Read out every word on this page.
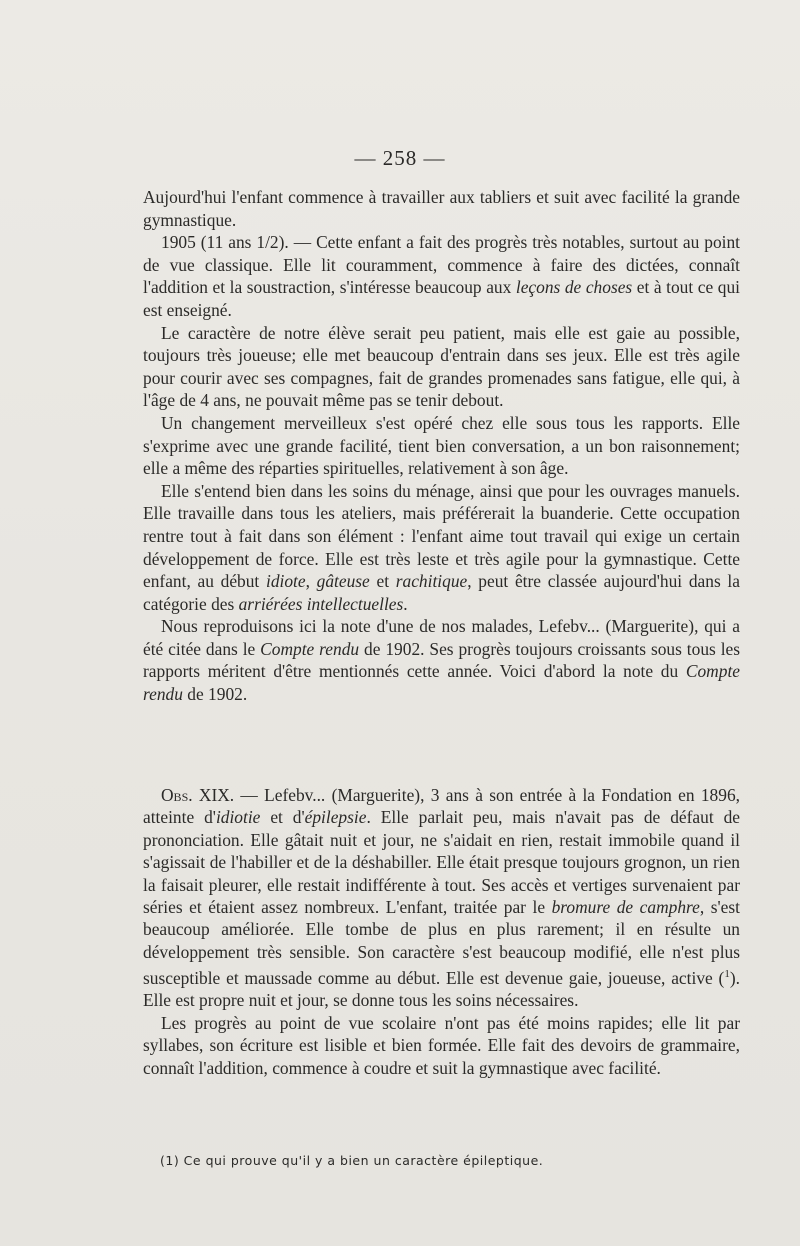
— 258 —

Aujourd'hui l'enfant commence à travailler aux tabliers et suit avec facilité la grande gymnastique.

1905 (11 ans 1/2). — Cette enfant a fait des progrès très notables, surtout au point de vue classique. Elle lit couramment, commence à faire des dictées, connaît l'addition et la soustraction, s'intéresse beaucoup aux leçons de choses et à tout ce qui est enseigné.

Le caractère de notre élève serait peu patient, mais elle est gaie au possible, toujours très joueuse; elle met beaucoup d'entrain dans ses jeux. Elle est très agile pour courir avec ses compagnes, fait de grandes promenades sans fatigue, elle qui, à l'âge de 4 ans, ne pouvait même pas se tenir debout.

Un changement merveilleux s'est opéré chez elle sous tous les rapports. Elle s'exprime avec une grande facilité, tient bien conversation, a un bon raisonnement; elle a même des réparties spirituelles, relativement à son âge.

Elle s'entend bien dans les soins du ménage, ainsi que pour les ouvrages manuels. Elle travaille dans tous les ateliers, mais préférerait la buanderie. Cette occupation rentre tout à fait dans son élément : l'enfant aime tout travail qui exige un certain développement de force. Elle est très leste et très agile pour la gymnastique. Cette enfant, au début idiote, gâteuse et rachitique, peut être classée aujourd'hui dans la catégorie des arriérées intellectuelles.

Nous reproduisons ici la note d'une de nos malades, Lefebv... (Marguerite), qui a été citée dans le Compte rendu de 1902. Ses progrès toujours croissants sous tous les rapports méritent d'être mentionnés cette année. Voici d'abord la note du Compte rendu de 1902.

Obs. XIX. — Lefebv... (Marguerite), 3 ans à son entrée à la Fondation en 1896, atteinte d'idiotie et d'épilepsie. Elle parlait peu, mais n'avait pas de défaut de prononciation. Elle gâtait nuit et jour, ne s'aidait en rien, restait immobile quand il s'agissait de l'habiller et de la déshabiller. Elle était presque toujours grognon, un rien la faisait pleurer, elle restait indifférente à tout. Ses accès et vertiges survenaient par séries et étaient assez nombreux. L'enfant, traitée par le bromure de camphre, s'est beaucoup améliorée. Elle tombe de plus en plus rarement; il en résulte un développement très sensible. Son caractère s'est beaucoup modifié, elle n'est plus susceptible et maussade comme au début. Elle est devenue gaie, joueuse, active ($^1$). Elle est propre nuit et jour, se donne tous les soins nécessaires.

Les progrès au point de vue scolaire n'ont pas été moins rapides; elle lit par syllabes, son écriture est lisible et bien formée. Elle fait des devoirs de grammaire, connaît l'addition, commence à coudre et suit la gymnastique avec facilité.

(1) Ce qui prouve qu'il y a bien un caractère épileptique.
